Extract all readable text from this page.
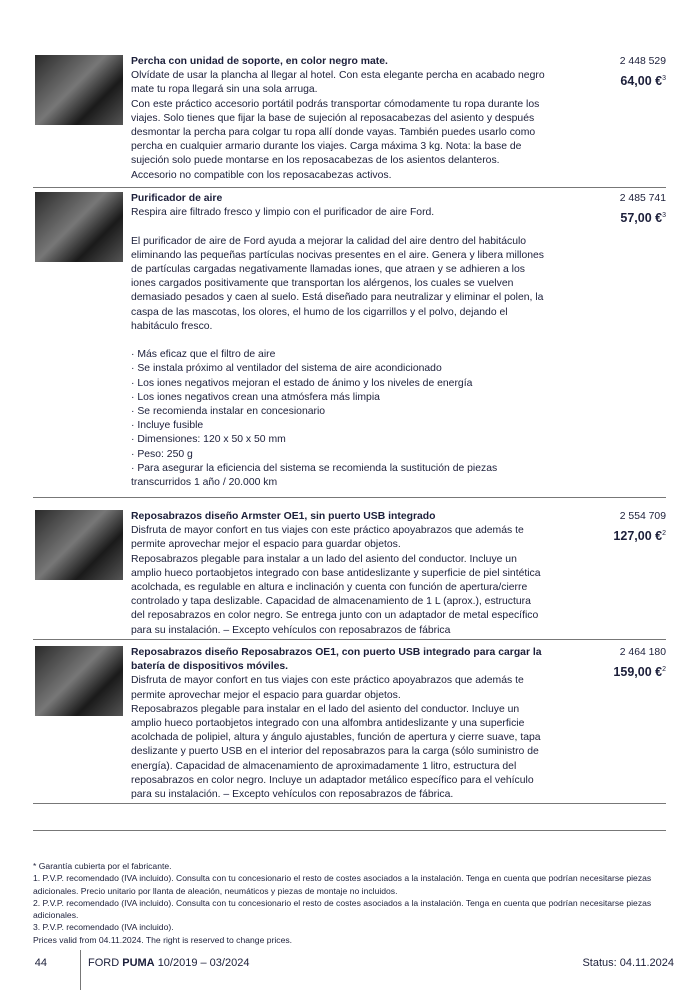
Percha con unidad de soporte, en color negro mate.

Olvídate de usar la plancha al llegar al hotel. Con esta elegante percha en acabado negro mate tu ropa llegará sin una sola arruga.

Con este práctico accesorio portátil podrás transportar cómodamente tu ropa durante los viajes. Solo tienes que fijar la base de sujeción al reposacabezas del asiento y después desmontar la percha para colgar tu ropa allí donde vayas. También puedes usarlo como percha en cualquier armario durante los viajes. Carga máxima 3 kg. Nota: la base de sujeción solo puede montarse en los reposacabezas de los asientos delanteros. Accesorio no compatible con los reposacabezas activos.

2 448 529
64,00 €$^3$

Purificador de aire

Respira aire filtrado fresco y limpio con el purificador de aire Ford.

El purificador de aire de Ford ayuda a mejorar la calidad del aire dentro del habitáculo eliminando las pequeñas partículas nocivas presentes en el aire. Genera y libera millones de partículas cargadas negativamente llamadas iones, que atraen y se adhieren a los iones cargados positivamente que transportan los alérgenos, los cuales se vuelven demasiado pesados y caen al suelo. Está diseñado para neutralizar y eliminar el polen, la caspa de las mascotas, los olores, el humo de los cigarrillos y el polvo, dejando el habitáculo fresco.

· Más eficaz que el filtro de aire

· Se instala próximo al ventilador del sistema de aire acondicionado

· Los iones negativos mejoran el estado de ánimo y los niveles de energía

· Los iones negativos crean una atmósfera más limpia

· Se recomienda instalar en concesionario

· Incluye fusible

· Dimensiones: 120 x 50 x 50 mm

· Peso: 250 g

· Para asegurar la eficiencia del sistema se recomienda la sustitución de piezas transcurridos 1 año / 20.000 km

2 485 741
57,00 €$^3$

Reposabrazos diseño Armster OE1, sin puerto USB integrado

Disfruta de mayor confort en tus viajes con este práctico apoyabrazos que además te permite aprovechar mejor el espacio para guardar objetos.

Reposabrazos plegable para instalar a un lado del asiento del conductor. Incluye un amplio hueco portaobjetos integrado con base antideslizante y superficie de piel sintética acolchada, es regulable en altura e inclinación y cuenta con función de apertura/cierre controlado y tapa deslizable. Capacidad de almacenamiento de 1 L (aprox.), estructura del reposabrazos en color negro. Se entrega junto con un adaptador de metal específico para su instalación. – Excepto vehículos con reposabrazos de fábrica

2 554 709
127,00 €$^2$

Reposabrazos diseño Reposabrazos OE1, con puerto USB integrado para cargar la batería de dispositivos móviles.

Disfruta de mayor confort en tus viajes con este práctico apoyabrazos que además te permite aprovechar mejor el espacio para guardar objetos.

Reposabrazos plegable para instalar en el lado del asiento del conductor. Incluye un amplio hueco portaobjetos integrado con una alfombra antideslizante y una superficie acolchada de polipiel, altura y ángulo ajustables, función de apertura y cierre suave, tapa deslizante y puerto USB en el interior del reposabrazos para la carga (sólo suministro de energía). Capacidad de almacenamiento de aproximadamente 1 litro, estructura del reposabrazos en color negro. Incluye un adaptador metálico específico para el vehículo para su instalación. – Excepto vehículos con reposabrazos de fábrica.

2 464 180
159,00 €$^2$

* Garantía cubierta por el fabricante.

1. P.V.P. recomendado (IVA incluido). Consulta con tu concesionario el resto de costes asociados a la instalación. Tenga en cuenta que podrían necesitarse piezas adicionales. Precio unitario por llanta de aleación, neumáticos y piezas de montaje no incluidos.

2. P.V.P. recomendado (IVA incluido). Consulta con tu concesionario el resto de costes asociados a la instalación. Tenga en cuenta que podrían necesitarse piezas adicionales.

3. P.V.P. recomendado (IVA incluido).

Prices valid from 04.11.2024. The right is reserved to change prices.

44	FORD PUMA 10/2019 – 03/2024	Status: 04.11.2024
